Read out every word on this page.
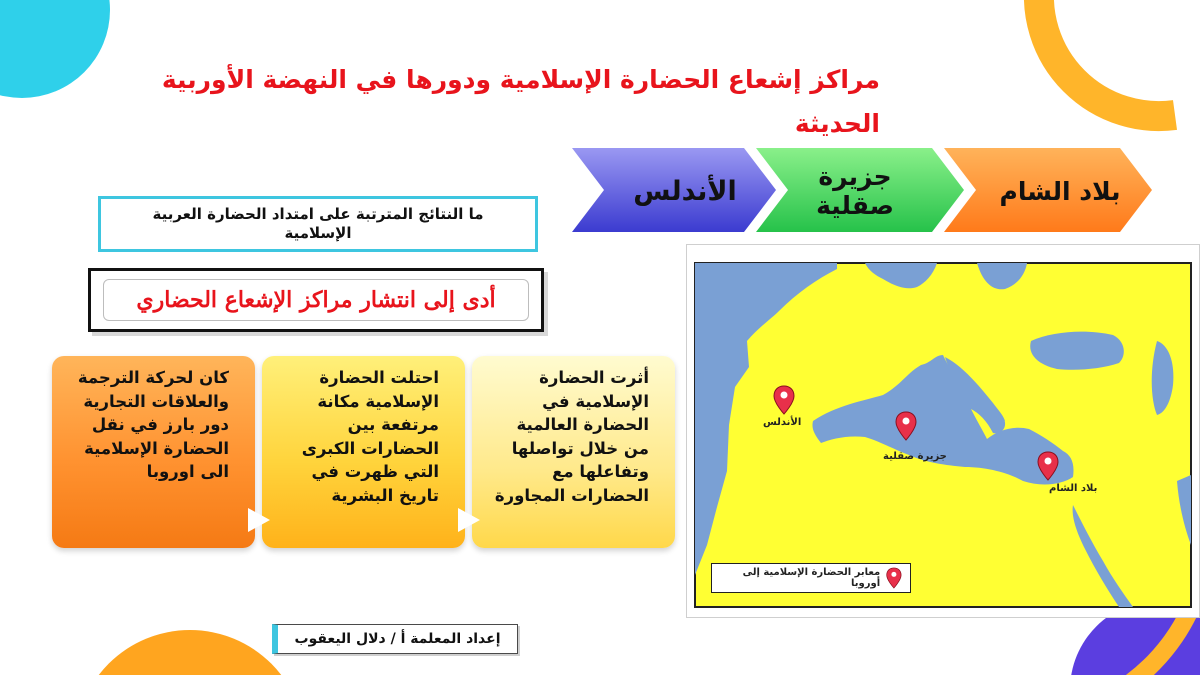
مراكز إشعاع الحضارة الإسلامية ودورها في النهضة الأوربية الحديثة
بلاد الشام
جزيرة صقلية
الأندلس
ما النتائج المترتبة على امتداد الحضارة العربية الإسلامية
أدى إلى انتشار مراكز الإشعاع الحضاري
أثرت الحضارة الإسلامية في الحضارة العالمية من خلال تواصلها وتفاعلها مع الحضارات المجاورة
احتلت الحضارة الإسلامية مكانة مرتفعة بين الحضارات الكبرى التي ظهرت في تاريخ البشرية
كان لحركة الترجمة والعلاقات التجارية دور بارز في نقل الحضارة الإسلامية الى اوروبا
الأندلس
جزيرة صقلية
بلاد الشام
معابر الحضارة الإسلامية إلى أوروبا
إعداد المعلمة أ / دلال اليعقوب
